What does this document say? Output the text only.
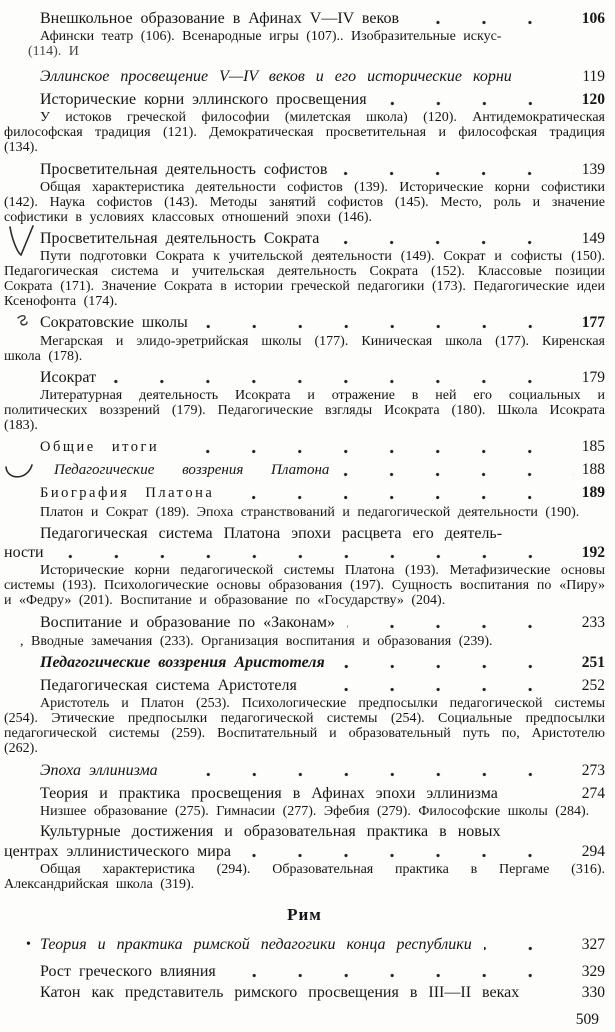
Внешкольное образование в Афинах V—IV веков	106
Афински театр (106). Всенародные игры (107).. Изобразительные искус-
(114). И
Эллинское просвещение V—IV веков и его исторические корни	119
Исторические корни эллинского просвещения	120
У истоков греческой философии (милетская школа) (120). Антидемократическая философская традиция (121). Демократическая просветительная и философская традиция (134).
Просветительная деятельность софистов	139
Общая характеристика деятельности софистов (139). Исторические корни софистики (142). Наука софистов (143). Методы занятий софистов (145). Место, роль и значение софистики в условиях классовых отношений эпохи (146).
Просветительная деятельность Сократа	149
Пути подготовки Сократа к учительской деятельности (149). Сократ и софисты (150). Педагогическая система и учительская деятельность Сократа (152). Классовые позиции Сократа (171). Значение Сократа в истории греческой педагогики (173). Педагогические идеи Ксенофонта (174).
Сократовские школы	177
Мегарская и элидо-эретрийская школы (177). Киническая школа (177). Киренская школа (178).
Исократ	179
Литературная деятельность Исократа и отражение в ней его социальных и политических воззрений (179). Педагогические взгляды Исократа (180). Школа Исократа (183).
Общие итоги	185
Педагогические воззрения Платона	188
Биография Платона	189
Платон и Сократ (189). Эпоха странствований и педагогической деятельности (190).
Педагогическая система Платона эпохи расцвета его деятель-
ности	192
Исторические корни педагогической системы Платона (193). Метафизические основы системы (193). Психологические основы образования (197). Сущность воспитания по «Пиру» и «Федру» (201). Воспитание и образование по «Государству» (204).
Воспитание и образование по «Законам»	233
, Вводные замечания (233). Организация воспитания и образования (239).
Педагогические воззрения Аристотеля	251
Педагогическая система Аристотеля	252
Аристотель и Платон (253). Психологические предпосылки педагогической системы (254). Этические предпосылки педагогической системы (254). Социальные предпосылки педагогической системы (259). Воспитательный и образовательный путь по, Аристотелю (262).
Эпоха эллинизма	273
Теория и практика просвещения в Афинах эпохи эллинизма	274
Низшее образование (275). Гимнасии (277). Эфебия (279). Философские школы (284).
Культурные достижения и образовательная практика в новых
центрах эллинистического мира	294
Общая характеристика (294). Образовательная практика в Пергаме (316). Александрийская школа (319).
Рим
• Теория и практика римской педагогики конца республики	327
Рост греческого влияния	329
Катон как представитель римского просвещения в III—II веках	330
509
